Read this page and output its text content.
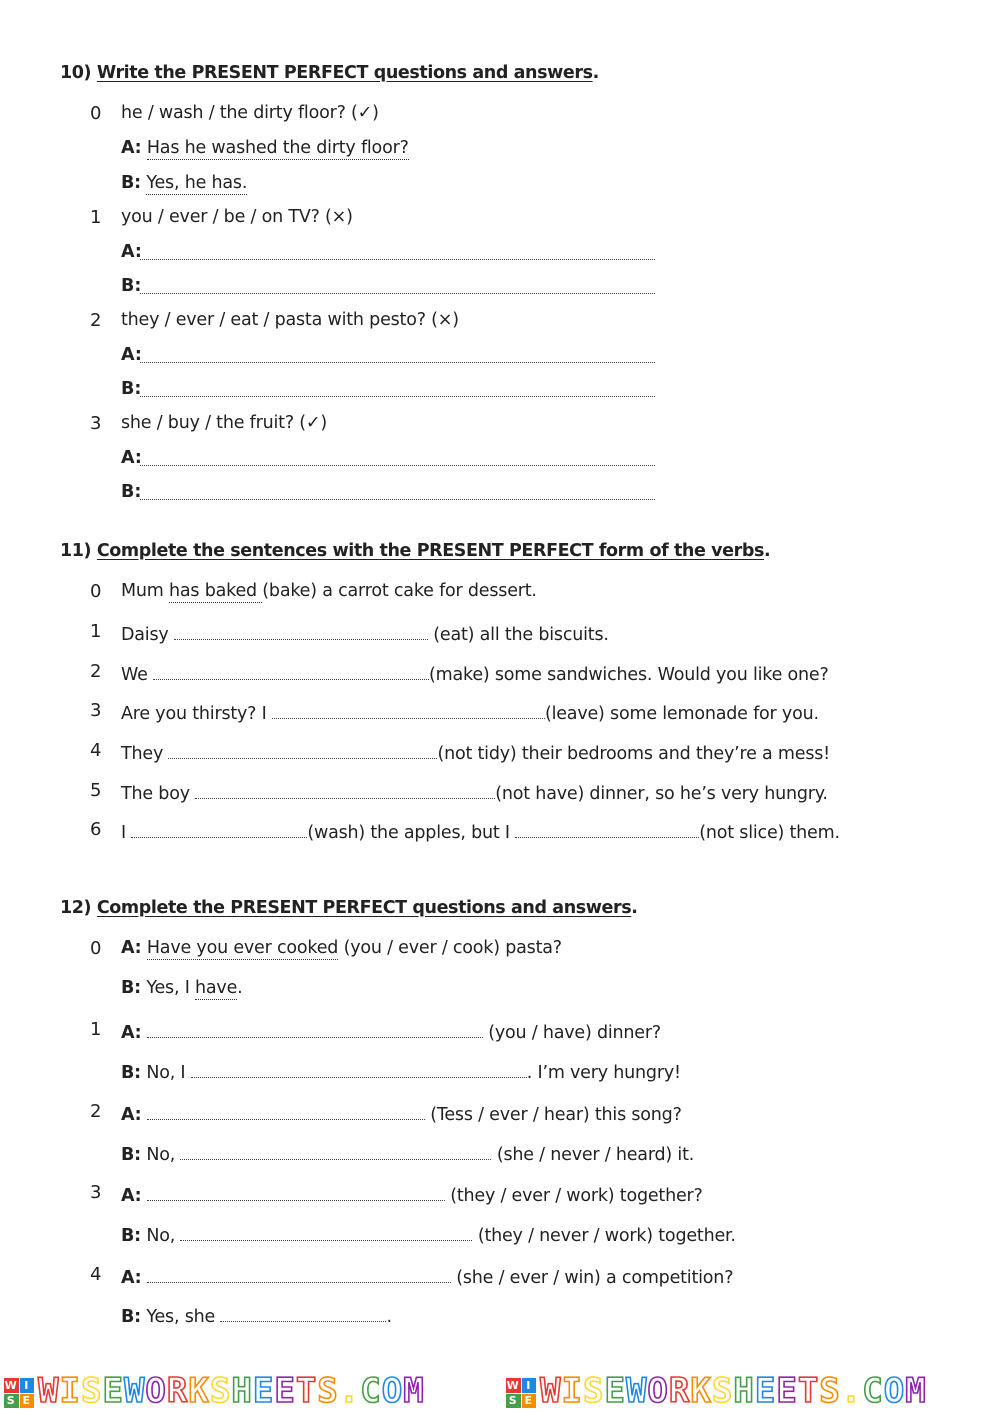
10) Write the PRESENT PERFECT questions and answers.
0 he / wash / the dirty floor? (✓)
A: Has he washed the dirty floor?
B: Yes, he has.
1 you / ever / be / on TV? (×)
A:
B:
2 they / ever / eat / pasta with pesto? (×)
A:
B:
3 she / buy / the fruit? (✓)
A:
B:
11) Complete the sentences with the PRESENT PERFECT form of the verbs.
0 Mum has baked (bake) a carrot cake for dessert.
1 Daisy	(eat) all the biscuits.
2 We	(make) some sandwiches. Would you like one?
3 Are you thirsty? I	(leave) some lemonade for you.
4 They	(not tidy) their bedrooms and they’re a mess!
5 The boy	(not have) dinner, so he’s very hungry.
6 I	(wash) the apples, but I	(not slice) them.
12) Complete the PRESENT PERFECT questions and answers.
0 A: Have you ever cooked (you / ever / cook) pasta?
B: Yes, I have.
1 A:	(you / have) dinner?
B: No, I	. I’m very hungry!
2 A:	(Tess / ever / hear) this song?
B: No,	(she / never / heard) it.
3 A:	(they / ever / work) together?
B: No,	(they / never / work) together.
4 A:	(she / ever / win) a competition?
B: Yes, she	.
W I
S E WISEWORKSHEETS.COM	W I
S E WISEWORKSHEETS.COM
